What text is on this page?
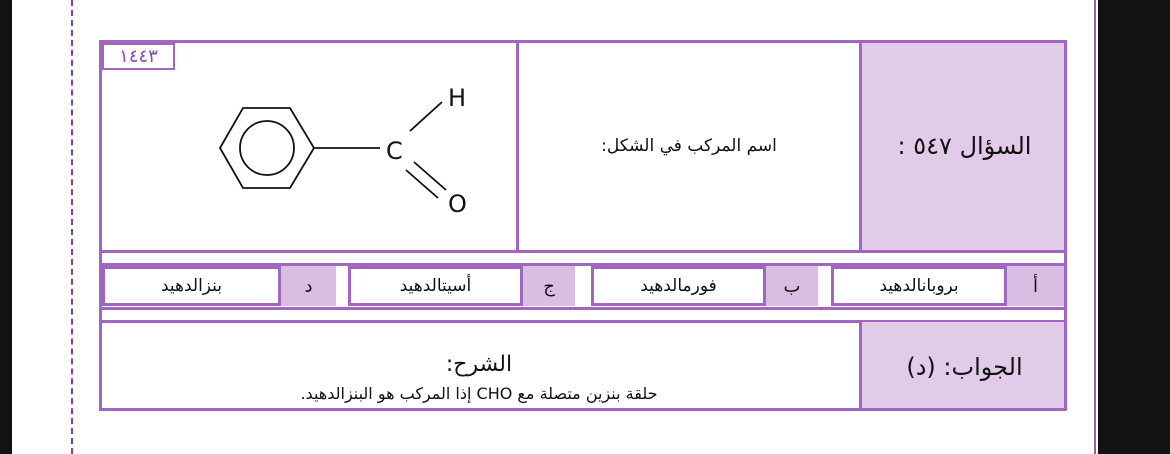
السؤال ٥٤٧ :
اسم المركب في الشكل:
١٤٤٣
C
H
O
أ
بروبانالدهيد
ب
فورمالدهيد
ج
أسيتالدهيد
د
بنزالدهيد
الجواب: (د)
الشرح:
حلقة بنزين متصلة مع CHO إذا المركب هو البنزالدهيد.
